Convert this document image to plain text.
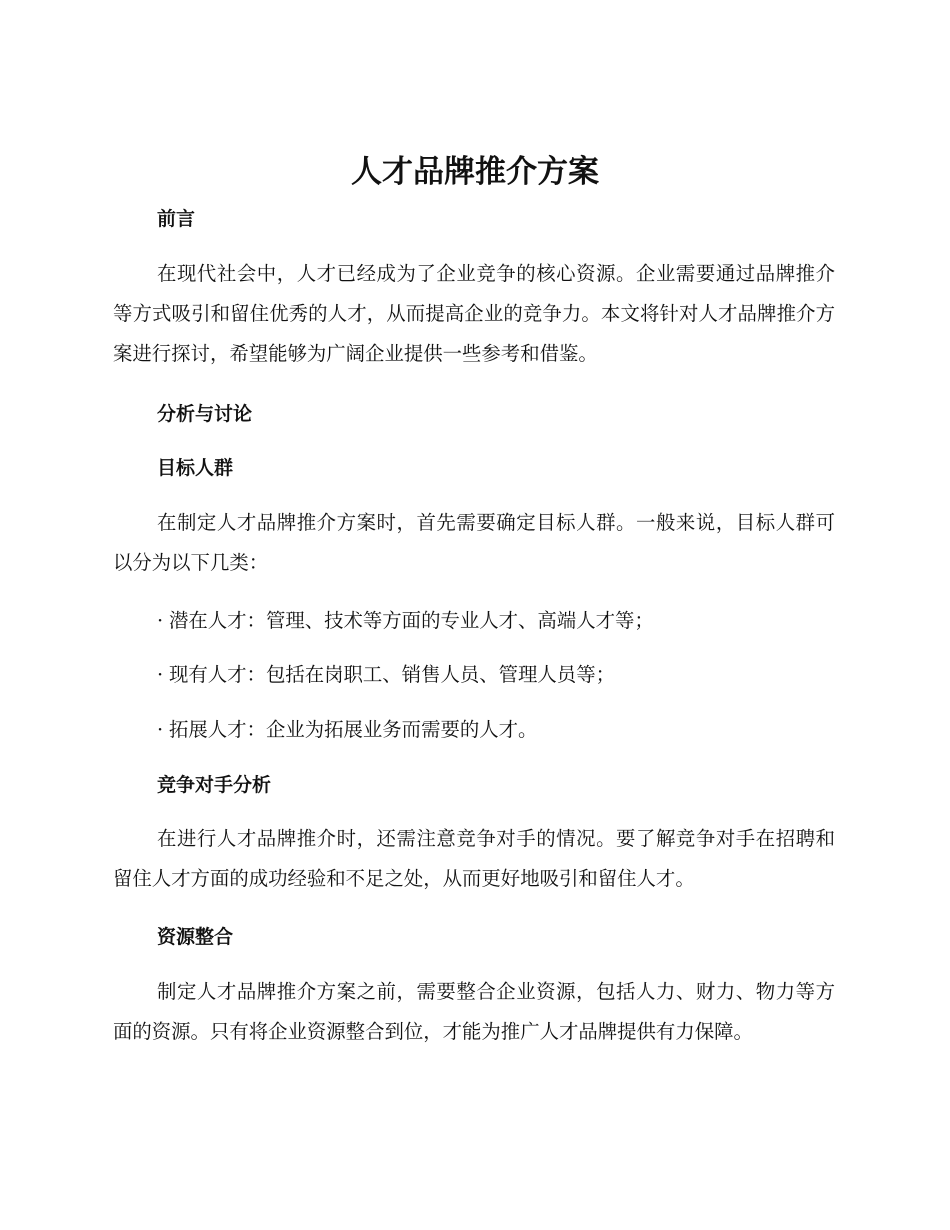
人才品牌推介方案
前言

在现代社会中，人才已经成为了企业竞争的核心资源。企业需要通过品牌推介等方式吸引和留住优秀的人才，从而提高企业的竞争力。本文将针对人才品牌推介方案进行探讨，希望能够为广阔企业提供一些参考和借鉴。

分析与讨论
目标人群

在制定人才品牌推介方案时，首先需要确定目标人群。一般来说，目标人群可以分为以下几类：

· 潜在人才：管理、技术等方面的专业人才、高端人才等；

· 现有人才：包括在岗职工、销售人员、管理人员等；

· 拓展人才：企业为拓展业务而需要的人才。

竞争对手分析

在进行人才品牌推介时，还需注意竞争对手的情况。要了解竞争对手在招聘和留住人才方面的成功经验和不足之处，从而更好地吸引和留住人才。

资源整合

制定人才品牌推介方案之前，需要整合企业资源，包括人力、财力、物力等方面的资源。只有将企业资源整合到位，才能为推广人才品牌提供有力保障。
